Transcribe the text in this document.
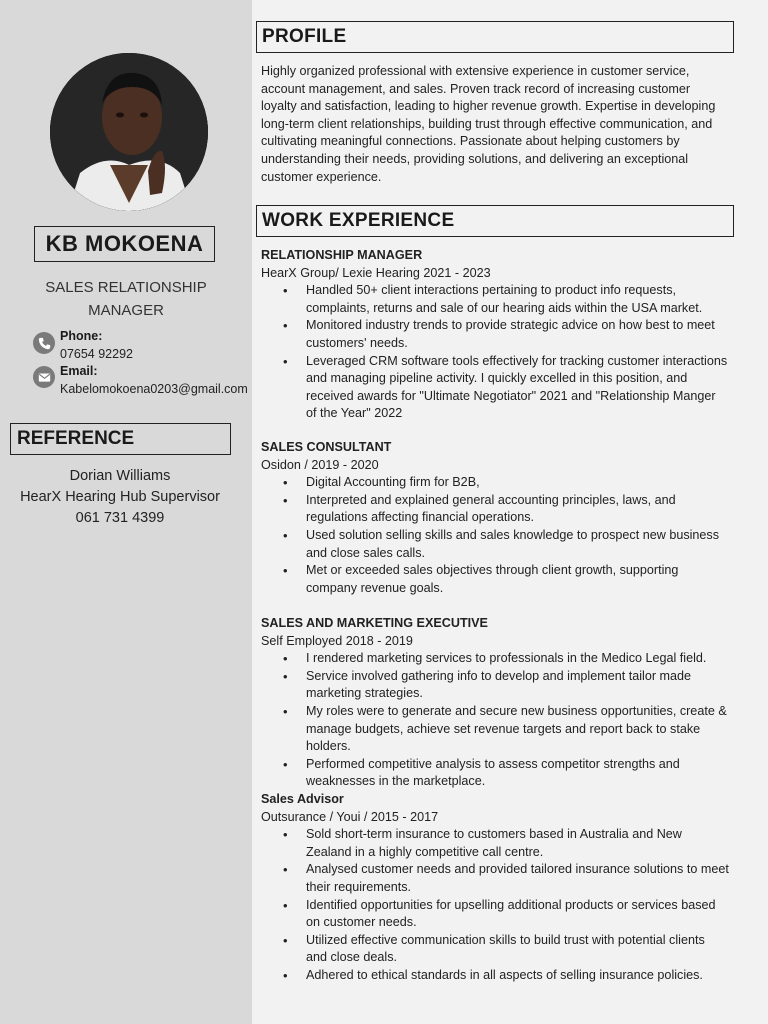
KB MOKOENA
SALES RELATIONSHIP
MANAGER
Phone:
07654 92292
Email:
Kabelomokoena0203@gmail.com
REFERENCE
Dorian Williams
HearX Hearing Hub Supervisor
061 731 4399
PROFILE
Highly organized professional with extensive experience in customer service, account management, and sales. Proven track record of increasing customer loyalty and satisfaction, leading to higher revenue growth. Expertise in developing long-term client relationships, building trust through effective communication, and cultivating meaningful connections. Passionate about helping customers by understanding their needs, providing solutions, and delivering an exceptional customer experience.
WORK EXPERIENCE
RELATIONSHIP MANAGER
HearX Group/ Lexie Hearing 2021 - 2023
• Handled 50+ client interactions pertaining to product info requests, complaints, returns and sale of our hearing aids within the USA market.
• Monitored industry trends to provide strategic advice on how best to meet customers' needs.
• Leveraged CRM software tools effectively for tracking customer interactions and managing pipeline activity. I quickly excelled in this position, and received awards for "Ultimate Negotiator" 2021 and "Relationship Manger of the Year" 2022
SALES CONSULTANT
Osidon / 2019 - 2020
• Digital Accounting firm for B2B,
• Interpreted and explained general accounting principles, laws, and regulations affecting financial operations.
• Used solution selling skills and sales knowledge to prospect new business and close sales calls.
• Met or exceeded sales objectives through client growth, supporting company revenue goals.
SALES AND MARKETING EXECUTIVE
Self Employed 2018 - 2019
• I rendered marketing services to professionals in the Medico Legal field.
• Service involved gathering info to develop and implement tailor made marketing strategies.
• My roles were to generate and secure new business opportunities, create & manage budgets, achieve set revenue targets and report back to stake holders.
• Performed competitive analysis to assess competitor strengths and weaknesses in the marketplace.
Sales Advisor
Outsurance / Youi / 2015 - 2017
• Sold short-term insurance to customers based in Australia and New Zealand in a highly competitive call centre.
• Analysed customer needs and provided tailored insurance solutions to meet their requirements.
• Identified opportunities for upselling additional products or services based on customer needs.
• Utilized effective communication skills to build trust with potential clients and close deals.
• Adhered to ethical standards in all aspects of selling insurance policies.
